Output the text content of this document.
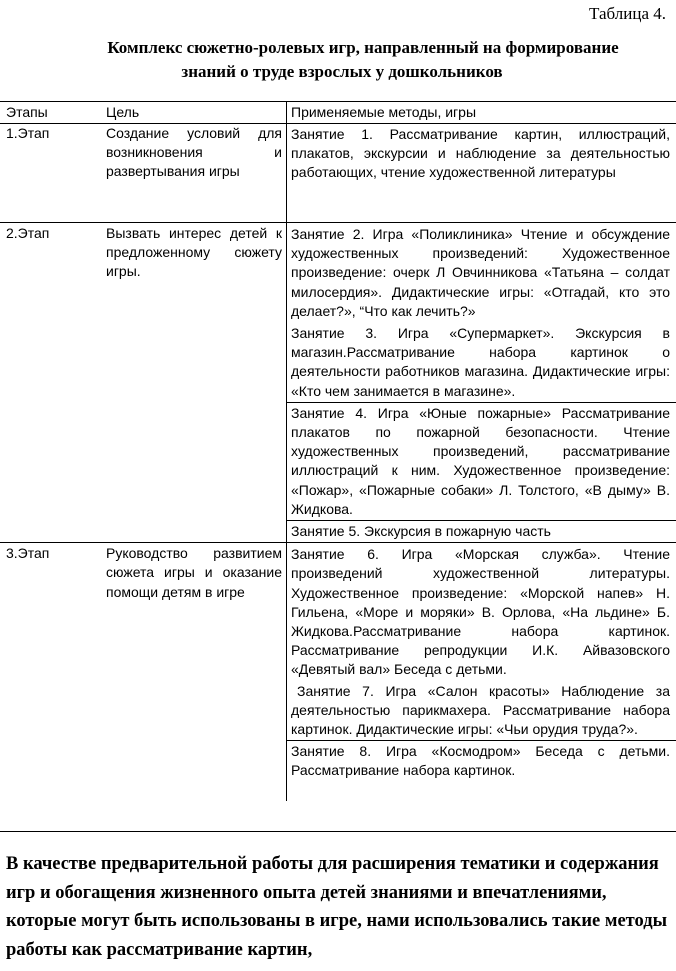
Таблица 4.
Комплекс сюжетно-ролевых игр, направленный на формирование
знаний о труде взрослых у дошкольников
Этапы	Цель	Применяемые методы, игры
1.Этап	Создание условий для возникновения и развертывания игры	Занятие 1. Рассматривание картин, иллюстраций, плакатов, экскурсии и наблюдение за деятельностью работающих, чтение художественной литературы

2.Этап	Вызвать интерес детей к предложенному сюжету игры.	Занятие 2. Игра «Поликлиника» Чтение и обсуждение художественных произведений: Художественное произведение: очерк Л Овчинникова «Татьяна – солдат милосердия». Дидактические игры: «Отгадай, кто это делает?», “Что как лечить?»
Занятие 3. Игра «Супермаркет». Экскурсия в магазин.Рассматривание набора картинок о деятельности работников магазина. Дидактические игры: «Кто чем занимается в магазине».

		Занятие 4. Игра «Юные пожарные» Рассматривание плакатов по пожарной безопасности. Чтение художественных произведений, рассматривание иллюстраций к ним. Художественное произведение: «Пожар», «Пожарные собаки» Л. Толстого, «В дыму» В. Жидкова.

		Занятие 5. Экскурсия в пожарную часть

3.Этап	Руководство развитием сюжета игры и оказание помощи детям в игре	Занятие 6. Игра «Морская служба». Чтение произведений художественной литературы. Художественное произведение: «Морской напев» Н. Гильена, «Море и моряки» В. Орлова, «На льдине» Б. Жидкова.Рассматривание набора картинок. Рассматривание репродукции И.К. Айвазовского «Девятый вал» Беседа с детьми.
Занятие 7. Игра «Салон красоты» Наблюдение за деятельностью парикмахера. Рассматривание набора картинок. Дидактические игры: «Чьи орудия труда?».

		Занятие 8. Игра «Космодром» Беседа с детьми. Рассматривание набора картинок.
В качестве предварительной работы для расширения тематики и содержания игр и обогащения жизненного опыта детей знаниями и впечатлениями, которые могут быть использованы в игре, нами использовались такие методы работы как рассматривание картин,
